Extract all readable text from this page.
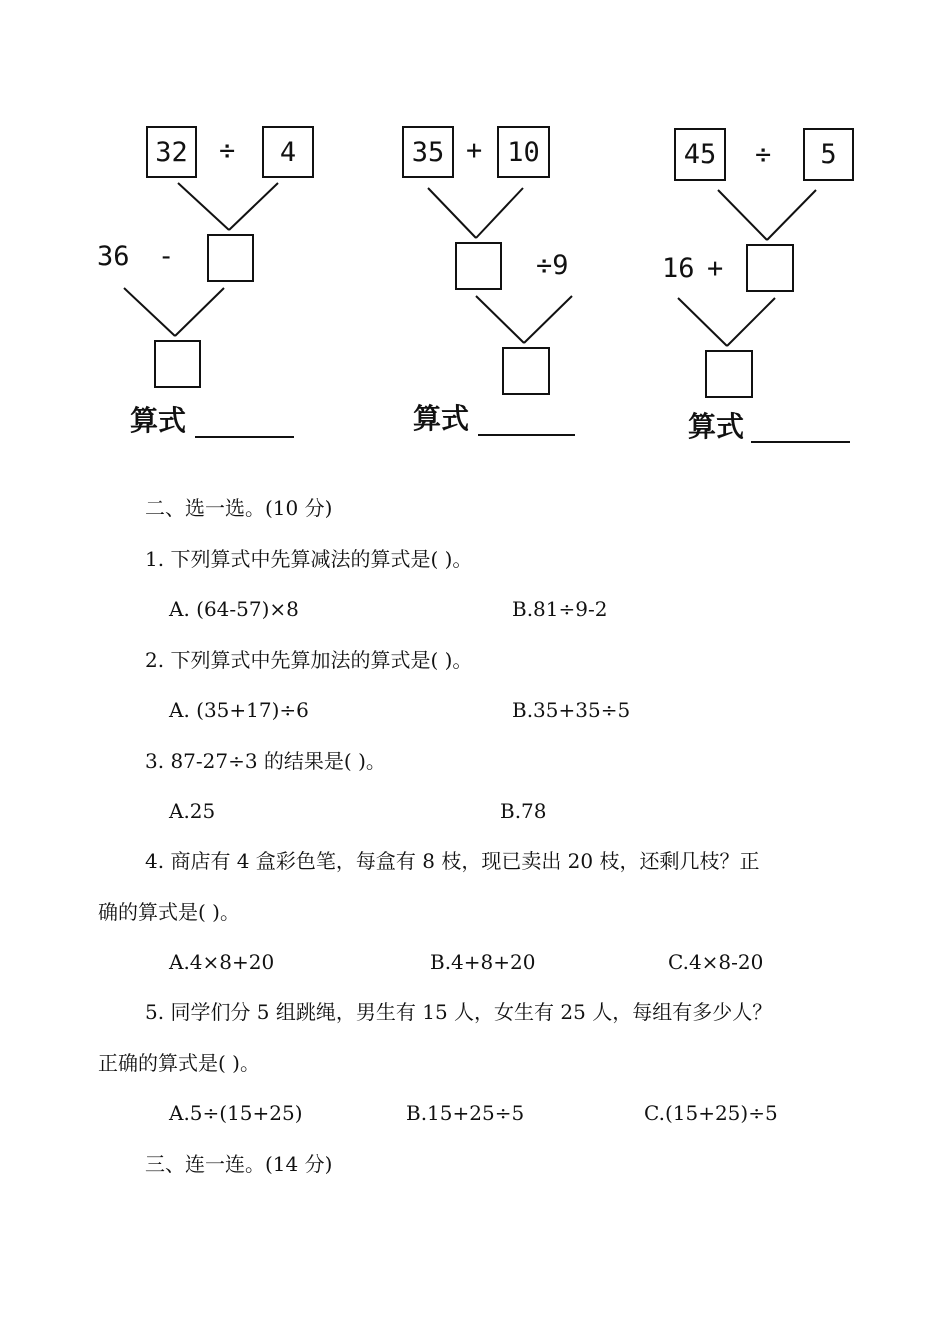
32	÷	4
36 -
算式
35 + 10
÷9
算式
45	÷	5
16 +
算式
二、选一选。(10 分)
1. 下列算式中先算减法的算式是( )。
A. (64-57)×8	B.81÷9-2
2. 下列算式中先算加法的算式是( )。
A. (35+17)÷6	B.35+35÷5
3. 87-27÷3 的结果是( )。
A.25	B.78
4. 商店有 4 盒彩色笔，每盒有 8 枝，现已卖出 20 枝，还剩几枝？正
确的算式是( )。
A.4×8+20	B.4+8+20	C.4×8-20
5. 同学们分 5 组跳绳，男生有 15 人，女生有 25 人，每组有多少人？
正确的算式是( )。
A.5÷(15+25)	B.15+25÷5	C.(15+25)÷5
三、连一连。(14 分)
